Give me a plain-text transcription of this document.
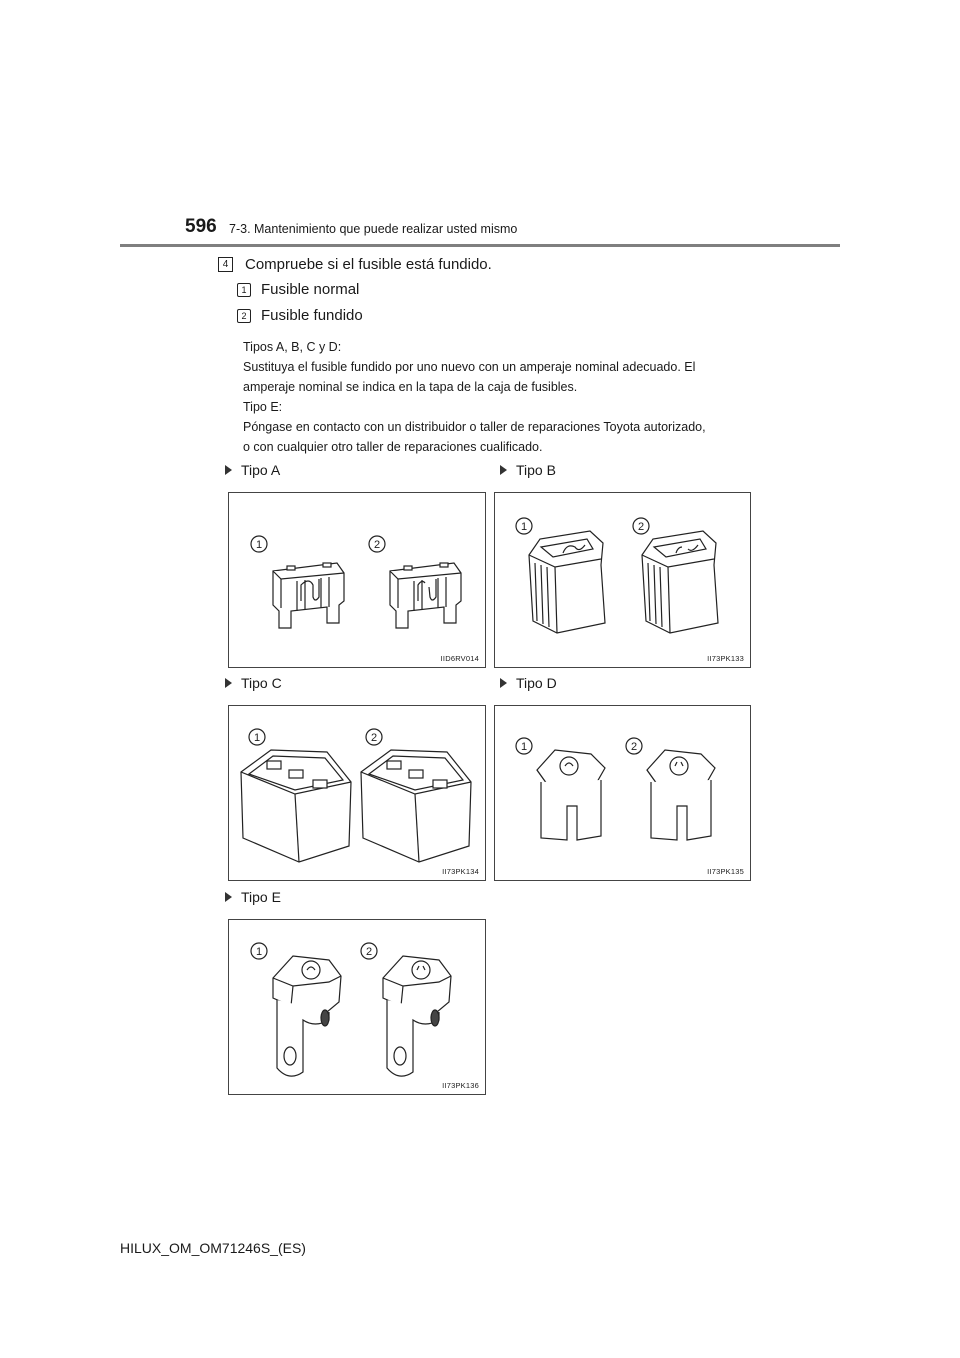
596 7-3. Mantenimiento que puede realizar usted mismo
4	Compruebe si el fusible está fundido.
1 Fusible normal
2 Fusible fundido

Tipos A, B, C y D:
Sustituya el fusible fundido por uno nuevo con un amperaje nominal adecuado. El
amperaje nominal se indica en la tapa de la caja de fusibles.

Tipo E:
Póngase en contacto con un distribuidor o taller de reparaciones Toyota autorizado,
o con cualquier otro taller de reparaciones cualificado.

Tipo A
1	2
IID6RV014
Tipo B
1	2
II73PK133
Tipo C
1	2
II73PK134
Tipo D
1	2
II73PK135
Tipo E
1	2
II73PK136
HILUX_OM_OM71246S_(ES)
